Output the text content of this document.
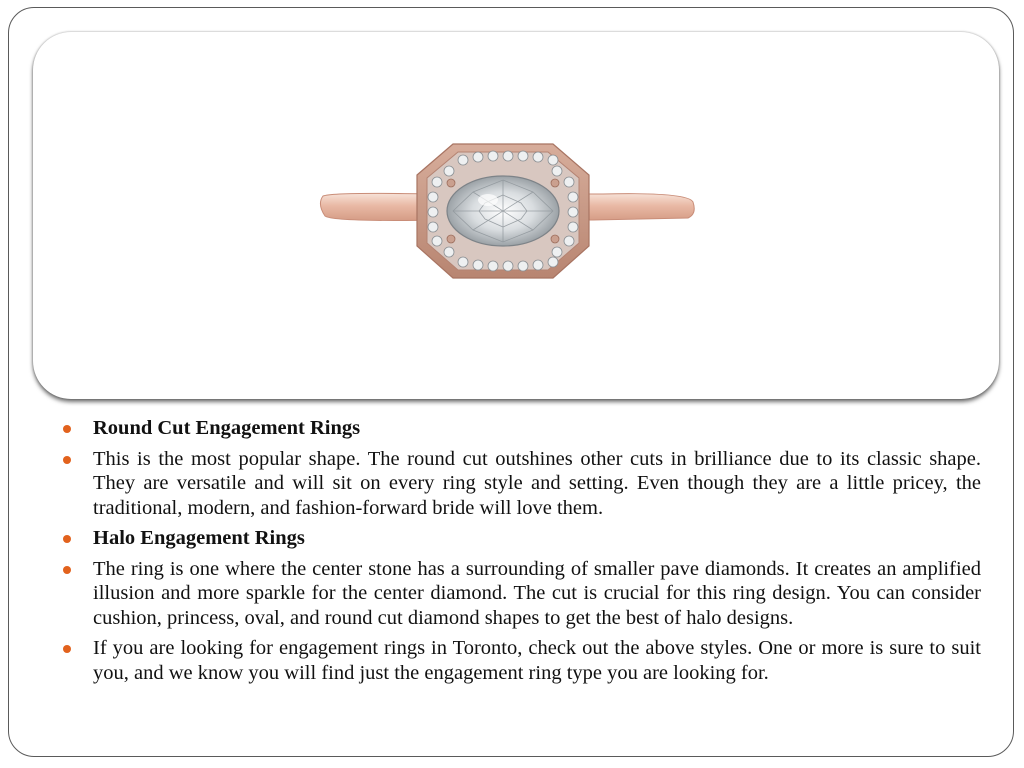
Round Cut Engagement Rings
This is the most popular shape. The round cut outshines other cuts in brilliance due to its classic shape. They are versatile and will sit on every ring style and setting. Even though they are a little pricey, the traditional, modern, and fashion-forward bride will love them.
Halo Engagement Rings
The ring is one where the center stone has a surrounding of smaller pave diamonds. It creates an amplified illusion and more sparkle for the center diamond. The cut is crucial for this ring design. You can consider cushion, princess, oval, and round cut diamond shapes to get the best of halo designs.
If you are looking for engagement rings in Toronto, check out the above styles. One or more is sure to suit you, and we know you will find just the engagement ring type you are looking for.
